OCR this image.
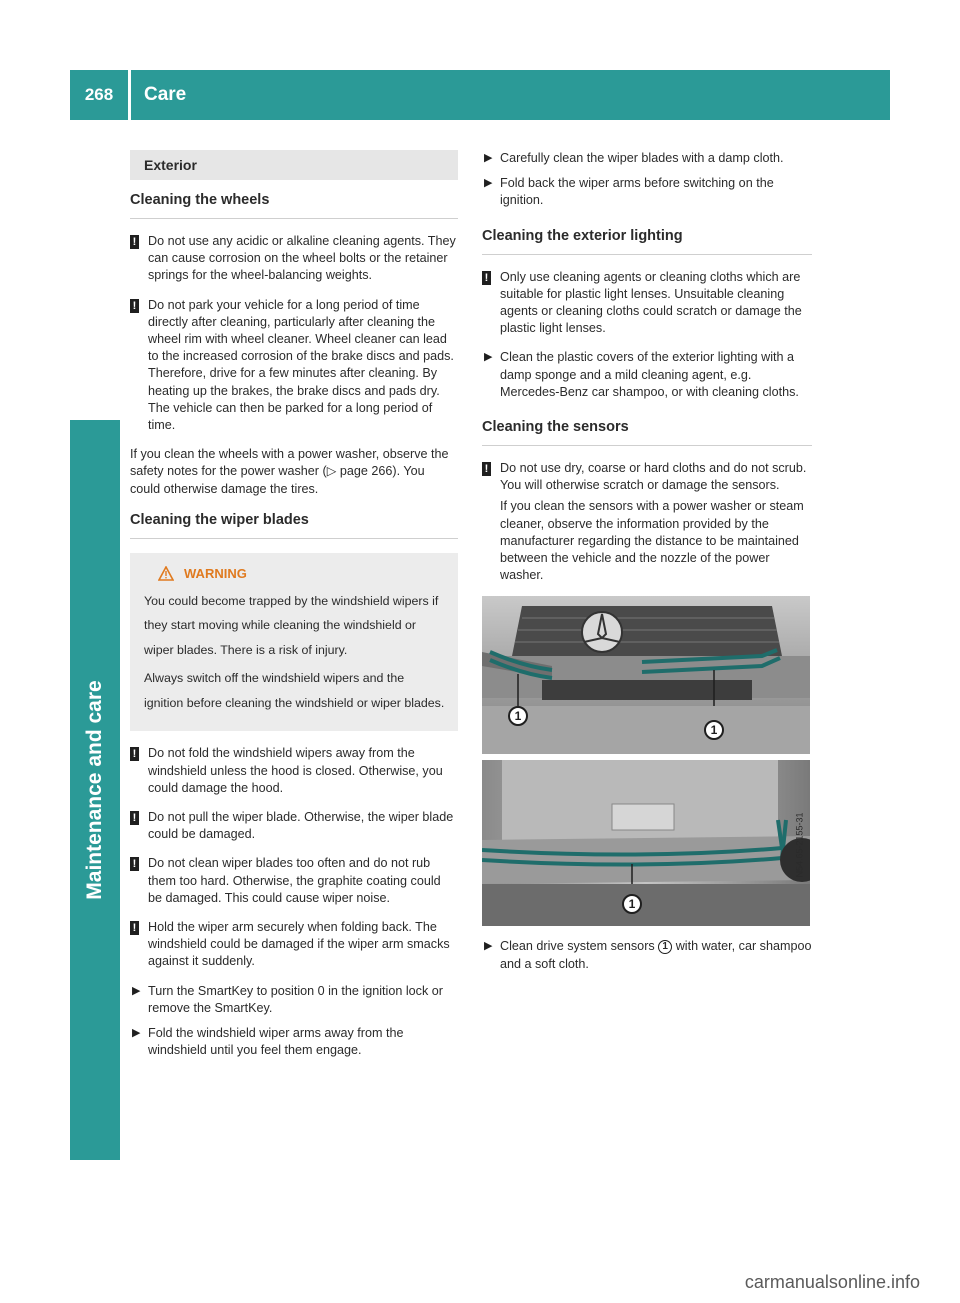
268	Care
Maintenance and care
Exterior
Cleaning the wheels
! Do not use any acidic or alkaline cleaning agents. They can cause corrosion on the wheel bolts or the retainer springs for the wheel-balancing weights.
! Do not park your vehicle for a long period of time directly after cleaning, particularly after cleaning the wheel rim with wheel cleaner. Wheel cleaner can lead to the increased corrosion of the brake discs and pads. Therefore, drive for a few minutes after cleaning. By heating up the brakes, the brake discs and pads dry. The vehicle can then be parked for a long period of time.
If you clean the wheels with a power washer, observe the safety notes for the power washer (▷ page 266). You could otherwise damage the tires.
Cleaning the wiper blades
WARNING
You could become trapped by the windshield wipers if they start moving while cleaning the windshield or wiper blades. There is a risk of injury.
Always switch off the windshield wipers and the ignition before cleaning the windshield or wiper blades.
! Do not fold the windshield wipers away from the windshield unless the hood is closed. Otherwise, you could damage the hood.
! Do not pull the wiper blade. Otherwise, the wiper blade could be damaged.
! Do not clean wiper blades too often and do not rub them too hard. Otherwise, the graphite coating could be damaged. This could cause wiper noise.
! Hold the wiper arm securely when folding back. The windshield could be damaged if the wiper arm smacks against it suddenly.
▶ Turn the SmartKey to position 0 in the ignition lock or remove the SmartKey.
▶ Fold the windshield wiper arms away from the windshield until you feel them engage.
▶ Carefully clean the wiper blades with a damp cloth.
▶ Fold back the wiper arms before switching on the ignition.
Cleaning the exterior lighting
! Only use cleaning agents or cleaning cloths which are suitable for plastic light lenses. Unsuitable cleaning agents or cleaning cloths could scratch or damage the plastic light lenses.
▶ Clean the plastic covers of the exterior lighting with a damp sponge and a mild cleaning agent, e.g. Mercedes-Benz car shampoo, or with cleaning cloths.
Cleaning the sensors
! Do not use dry, coarse or hard cloths and do not scrub. You will otherwise scratch or damage the sensors.
If you clean the sensors with a power washer or steam cleaner, observe the information provided by the manufacturer regarding the distance to be maintained between the vehicle and the nozzle of the power washer.
1
1
1
N54.65-2155-31
▶ Clean drive system sensors 1 with water, car shampoo and a soft cloth.
carmanualsonline.info
